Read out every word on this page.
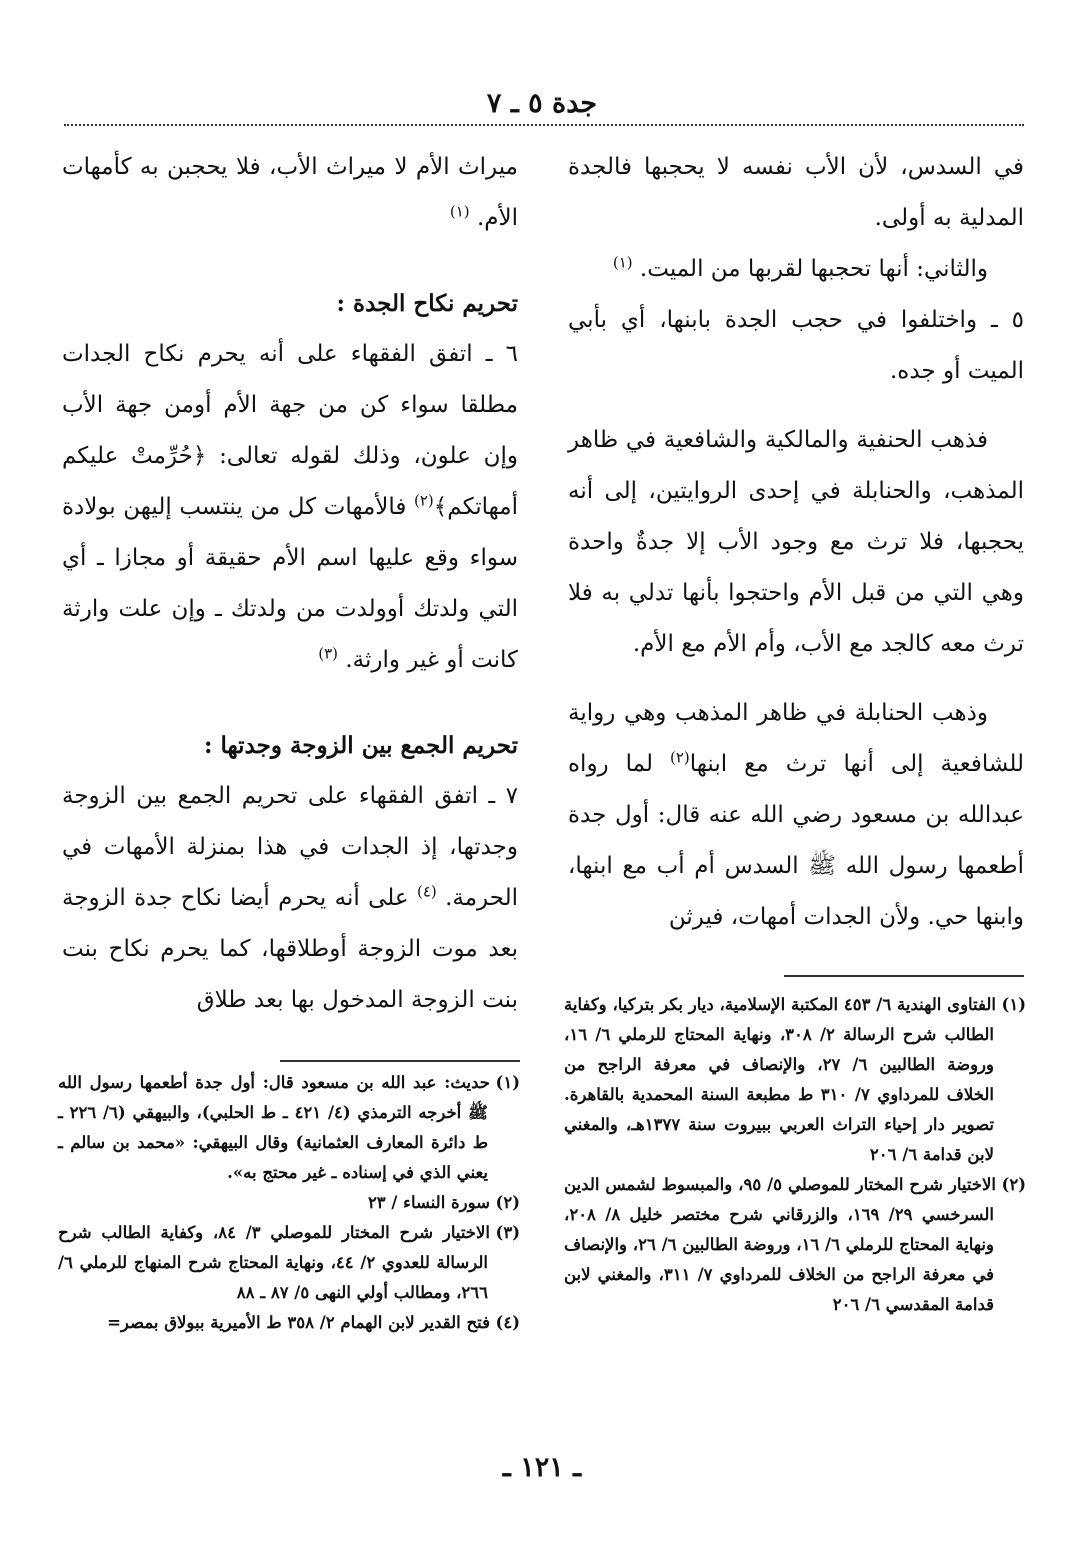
جدة ٥ ـ ٧

في السدس، لأن الأب نفسه لا يحجبها فالجدة المدلية به أولى.

والثاني: أنها تحجبها لقربها من الميت. $^{(١)}$

٥ ـ واختلفوا في حجب الجدة بابنها، أي بأبي الميت أو جده.

فذهب الحنفية والمالكية والشافعية في ظاهر المذهب، والحنابلة في إحدى الروايتين، إلى أنه يحجبها، فلا ترث مع وجود الأب إلا جدةٌ واحدة وهي التي من قبل الأم واحتجوا بأنها تدلي به فلا ترث معه كالجد مع الأب، وأم الأم مع الأم.

وذهب الحنابلة في ظاهر المذهب وهي رواية للشافعية إلى أنها ترث مع ابنها$^{(٢)}$ لما رواه عبدالله بن مسعود رضي الله عنه قال: أول جدة أطعمها رسول الله ﷺ السدس أم أب مع ابنها، وابنها حي. ولأن الجدات أمهات، فيرثن

ميراث الأم لا ميراث الأب، فلا يحجبن به كأمهات الأم. $^{(١)}$

تحريم نكاح الجدة :

٦ ـ اتفق الفقهاء على أنه يحرم نكاح الجدات مطلقا سواء كن من جهة الأم أومن جهة الأب وإن علون، وذلك لقوله تعالى: ﴿حُرِّمتْ عليكم أمهاتكم﴾$^{(٢)}$ فالأمهات كل من ينتسب إليهن بولادة سواء وقع عليها اسم الأم حقيقة أو مجازا ـ أي التي ولدتك أوولدت من ولدتك ـ وإن علت وارثة كانت أو غير وارثة. $^{(٣)}$

تحريم الجمع بين الزوجة وجدتها :

٧ ـ اتفق الفقهاء على تحريم الجمع بين الزوجة وجدتها، إذ الجدات في هذا بمنزلة الأمهات في الحرمة. $^{(٤)}$ على أنه يحرم أيضا نكاح جدة الزوجة بعد موت الزوجة أوطلاقها، كما يحرم نكاح بنت بنت الزوجة المدخول بها بعد طلاق	(١)الفتاوى الهندية ٦/ ٤٥٣ المكتبة الإسلامية، ديار بكر بتركيا، وكفاية الطالب شرح الرسالة ٢/ ٣٠٨، ونهاية المحتاج للرملي ٦/ ١٦، وروضة الطالبين ٦/ ٢٧، والإنصاف في معرفة الراجح من الخلاف للمرداوي ٧/ ٣١٠ ط مطبعة السنة المحمدية بالقاهرة. تصوير دار إحياء التراث العربي ببيروت سنة ١٣٧٧هـ، والمغني لابن قدامة ٦/ ٢٠٦

(٢)الاختيار شرح المختار للموصلي ٥/ ٩٥، والمبسوط لشمس الدين السرخسي ٢٩/ ١٦٩، والزرقاني شرح مختصر خليل ٨/ ٢٠٨، ونهاية المحتاج للرملي ٦/ ١٦، وروضة الطالبين ٦/ ٢٦، والإنصاف في معرفة الراجح من الخلاف للمرداوي ٧/ ٣١١، والمغني لابن قدامة المقدسي ٦/ ٢٠٦

(١)حديث: عبد الله بن مسعود قال: أول جدة أطعمها رسول الله ﷺ أخرجه الترمذي (٤/ ٤٢١ ـ ط الحلبي)، والبيهقي (٦/ ٢٢٦ ـ ط دائرة المعارف العثمانية) وقال البيهقي: «محمد بن سالم ـ يعني الذي في إسناده ـ غير محتج به».

(٢)سورة النساء / ٢٣

(٣)الاختيار شرح المختار للموصلي ٣/ ٨٤، وكفاية الطالب شرح الرسالة للعدوي ٢/ ٤٤، ونهاية المحتاج شرح المنهاج للرملي ٦/ ٢٦٦، ومطالب أولي النهى ٥/ ٨٧ ـ ٨٨

(٤)فتح القدير لابن الهمام ٢/ ٣٥٨ ط الأميرية ببولاق بمصر=

ـ ١٢١ ـ
